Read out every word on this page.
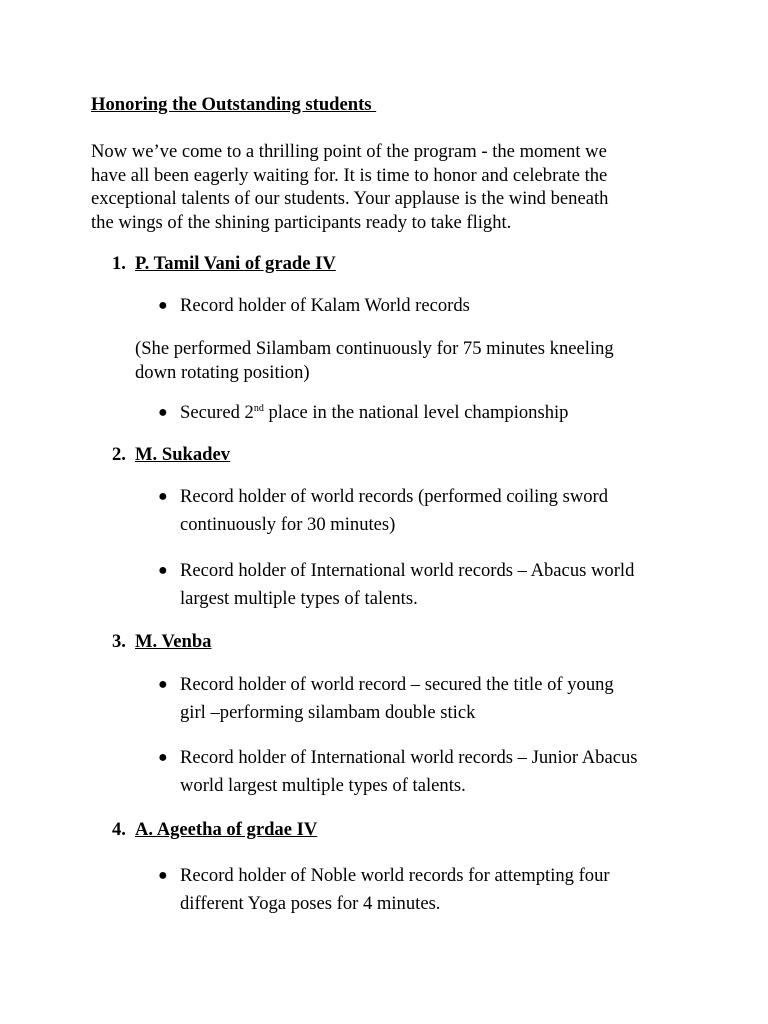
Honoring the Outstanding students

Now we’ve come to a thrilling point of the program - the moment we
have all been eagerly waiting for. It is time to honor and celebrate the
exceptional talents of our students. Your applause is the wind beneath
the wings of the shining participants ready to take flight.

1. P. Tamil Vani of grade IV
● Record holder of Kalam World records
(She performed Silambam continuously for 75 minutes kneeling
down rotating position)
● Secured 2nd place in the national level championship
2. M. Sukadev
● Record holder of world records (performed coiling sword
continuously for 30 minutes)
● Record holder of International world records – Abacus world
largest multiple types of talents.
3. M. Venba
● Record holder of world record – secured the title of young
girl –performing silambam double stick
● Record holder of International world records – Junior Abacus
world largest multiple types of talents.
4. A. Ageetha of grdae IV
● Record holder of Noble world records for attempting four
different Yoga poses for 4 minutes.
